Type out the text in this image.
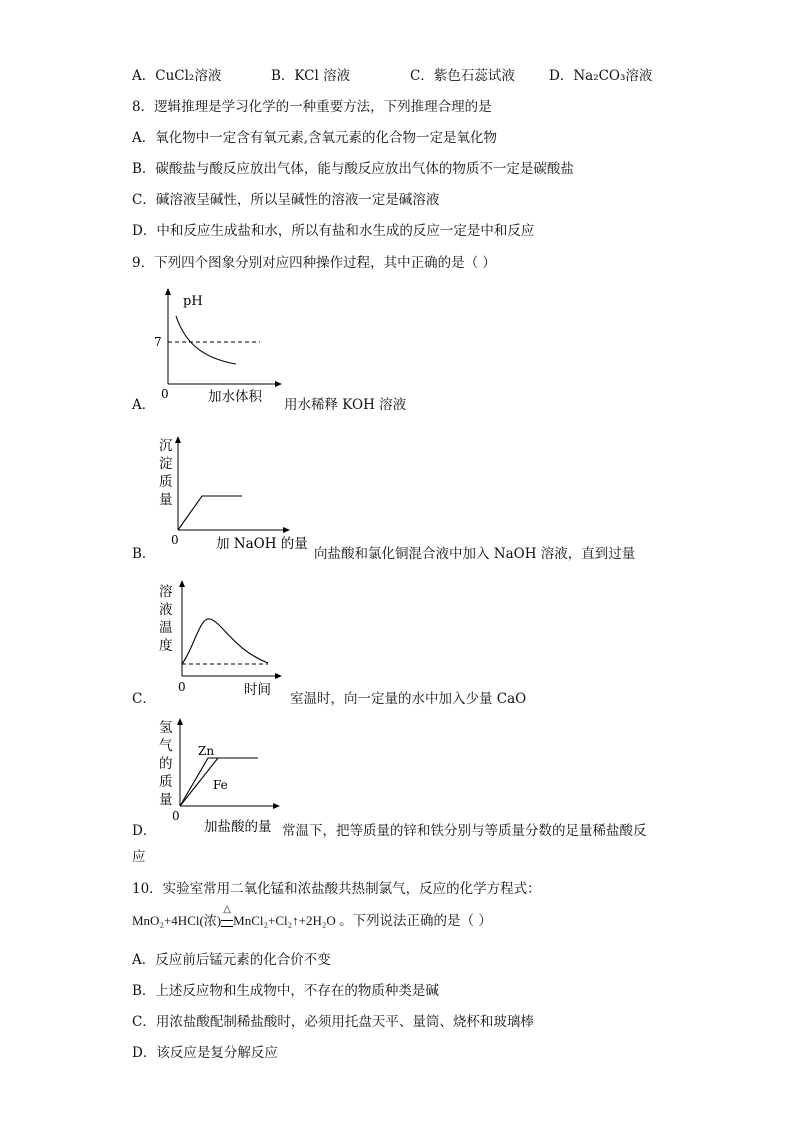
A．CuCl₂溶液	B．KCl 溶液	C．紫色石蕊试液	D．Na₂CO₃溶液
8．逻辑推理是学习化学的一种重要方法，下列推理合理的是
A．氧化物中一定含有氧元素,含氧元素的化合物一定是氧化物
B．碳酸盐与酸反应放出气体，能与酸反应放出气体的物质不一定是碳酸盐
C．碱溶液呈碱性，所以呈碱性的溶液一定是碱溶液
D．中和反应生成盐和水，所以有盐和水生成的反应一定是中和反应
9．下列四个图象分别对应四种操作过程，其中正确的是（ ）
A．
pH
7
0	加水体积 用水稀释 KOH 溶液
B．
沉
淀
质
量
0	加 NaOH 的量
向盐酸和氯化铜混合液中加入 NaOH 溶液，直到过量
C．
溶
液
温
度
0	时间
室温时，向一定量的水中加入少量 CaO
D．
Zn
Fe
氢
气
的
质
量
0
加盐酸的量 常温下，把等质量的锌和铁分别与等质量分数的足量稀盐酸反
应
10．实验室常用二氧化锰和浓盐酸共热制氯气，反应的化学方程式：
MnO₂+4HCl(浓)
△
MnCl₂+Cl₂↑+2H₂O 。下列说法正确的是（ ）
A．反应前后锰元素的化合价不变
B．上述反应物和生成物中，不存在的物质种类是碱
C．用浓盐酸配制稀盐酸时，必须用托盘天平、量筒、烧杯和玻璃棒
D．该反应是复分解反应
